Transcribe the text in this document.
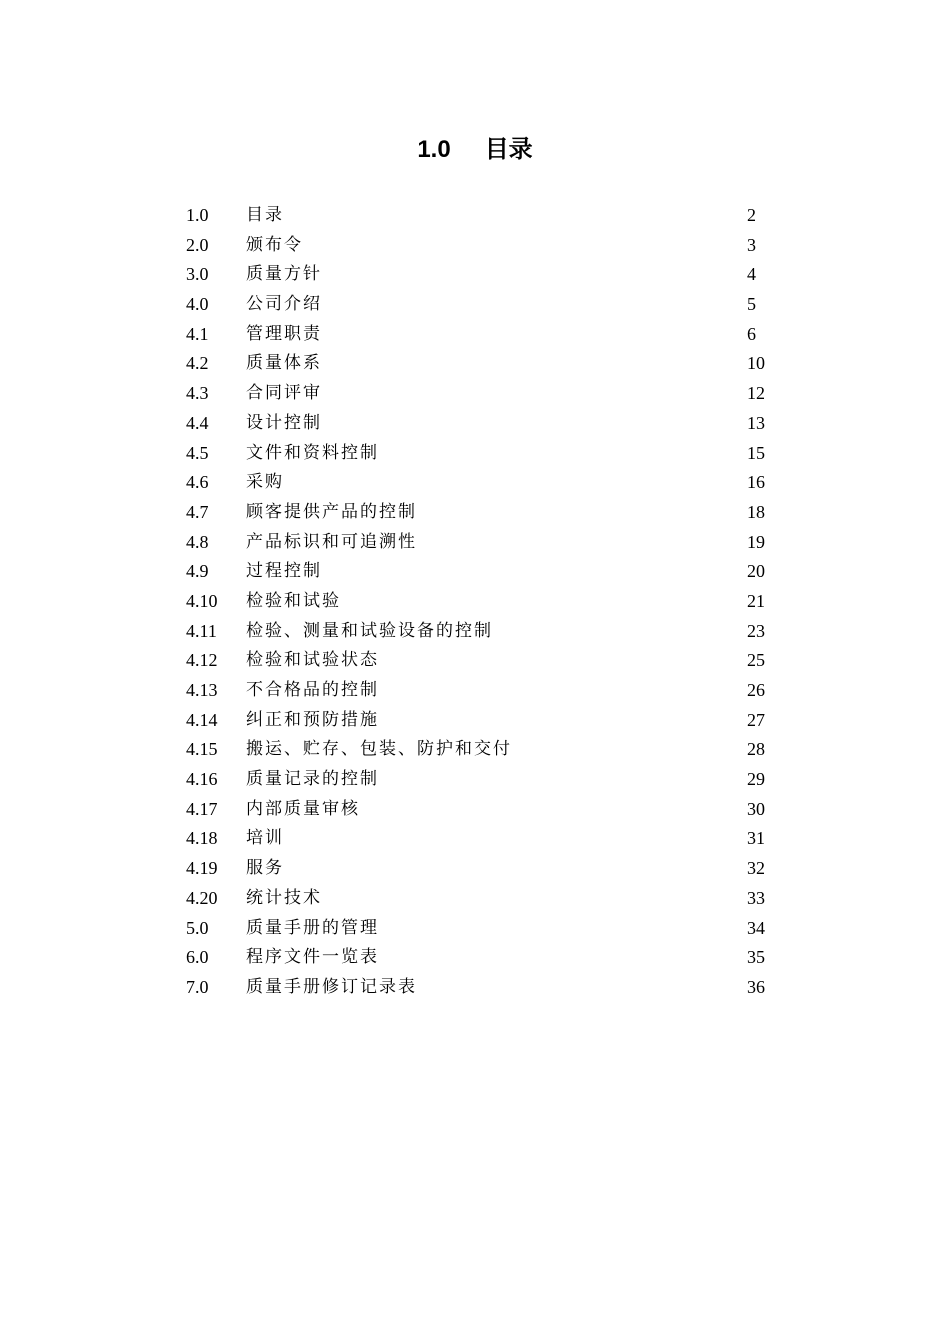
1.0 目录
1.0 目录	2
2.0 颁布令	3
3.0 质量方针	4
4.0 公司介绍	5
4.1 管理职责	6
4.2 质量体系	10
4.3 合同评审	12
4.4 设计控制	13
4.5 文件和资料控制	15
4.6 采购	16
4.7 顾客提供产品的控制	18
4.8 产品标识和可追溯性	19
4.9 过程控制	20
4.10 检验和试验	21
4.11 检验、测量和试验设备的控制	23
4.12 检验和试验状态	25
4.13 不合格品的控制	26
4.14 纠正和预防措施	27
4.15 搬运、贮存、包装、防护和交付	28
4.16 质量记录的控制	29
4.17 内部质量审核	30
4.18 培训	31
4.19 服务	32
4.20 统计技术	33
5.0 质量手册的管理	34
6.0 程序文件一览表	35
7.0 质量手册修订记录表	36
